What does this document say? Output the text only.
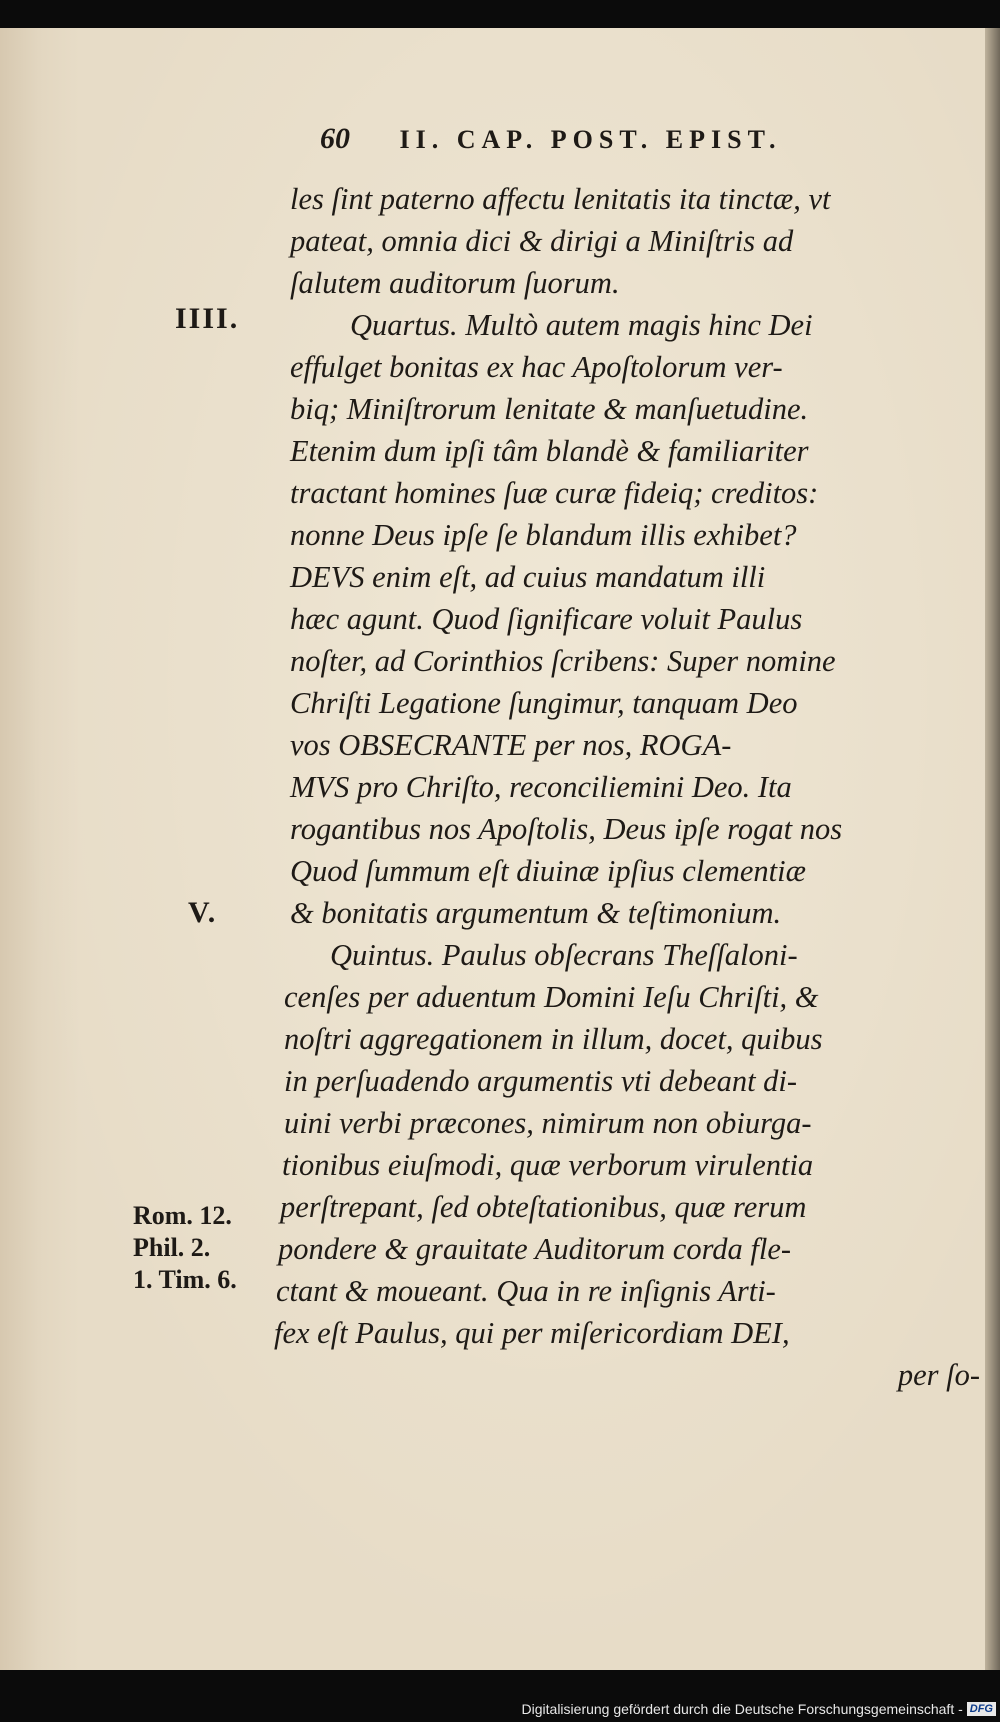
60 II. CAP. POST. EPIST.
IIII.
V.
Rom. 12.
Phil. 2.
1. Tim. 6.
les ſint paterno affectu lenitatis ita tinctæ, vt
pateat, omnia dici & dirigi a Miniſtris ad
ſalutem auditorum ſuorum.
Quartus. Multò autem magis hinc Dei
effulget bonitas ex hac Apoſtolorum ver-
biq; Miniſtrorum lenitate & manſuetudine.
Etenim dum ipſi tâm blandè & familiariter
tractant homines ſuæ curæ fideiq; creditos:
nonne Deus ipſe ſe blandum illis exhibet?
DEVS enim eſt, ad cuius mandatum illi
hæc agunt. Quod ſignificare voluit Paulus
noſter, ad Corinthios ſcribens: Super nomine
Chriſti Legatione ſungimur, tanquam Deo
vos OBSECRANTE per nos, ROGA-
MVS pro Chriſto, reconciliemini Deo. Ita
rogantibus nos Apoſtolis, Deus ipſe rogat nos
Quod ſummum eſt diuinæ ipſius clementiæ
& bonitatis argumentum & teſtimonium.
Quintus. Paulus obſecrans Theſſaloni-
cenſes per aduentum Domini Ieſu Chriſti, &
noſtri aggregationem in illum, docet, quibus
in perſuadendo argumentis vti debeant di-
uini verbi præcones, nimirum non obiurga-
tionibus eiuſmodi, quæ verborum virulentia
perſtrepant, ſed obteſtationibus, quæ rerum
pondere & grauitate Auditorum corda fle-
ctant & moueant. Qua in re inſignis Arti-
fex eſt Paulus, qui per miſericordiam DEI,
per ſo-
Digitalisierung gefördert durch die Deutsche Forschungsgemeinschaft - DFG
